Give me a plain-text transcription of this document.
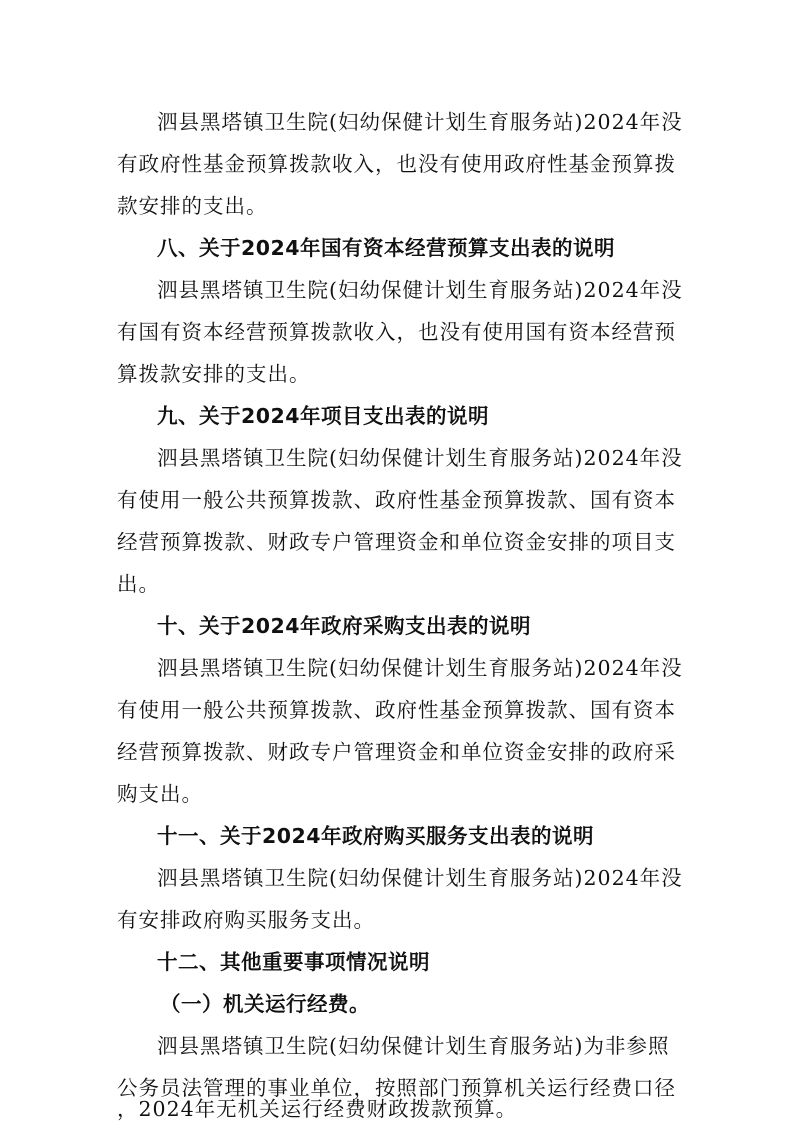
泗县黑塔镇卫生院(妇幼保健计划生育服务站)2024年没
有政府性基金预算拨款收入，也没有使用政府性基金预算拨
款安排的支出。
八、关于2024年国有资本经营预算支出表的说明
泗县黑塔镇卫生院(妇幼保健计划生育服务站)2024年没
有国有资本经营预算拨款收入，也没有使用国有资本经营预
算拨款安排的支出。
九、关于2024年项目支出表的说明
泗县黑塔镇卫生院(妇幼保健计划生育服务站)2024年没
有使用一般公共预算拨款、政府性基金预算拨款、国有资本
经营预算拨款、财政专户管理资金和单位资金安排的项目支
出。
十、关于2024年政府采购支出表的说明
泗县黑塔镇卫生院(妇幼保健计划生育服务站)2024年没
有使用一般公共预算拨款、政府性基金预算拨款、国有资本
经营预算拨款、财政专户管理资金和单位资金安排的政府采
购支出。
十一、关于2024年政府购买服务支出表的说明
泗县黑塔镇卫生院(妇幼保健计划生育服务站)2024年没
有安排政府购买服务支出。
十二、其他重要事项情况说明
（一）机关运行经费。
泗县黑塔镇卫生院(妇幼保健计划生育服务站)为非参照
公务员法管理的事业单位，按照部门预算机关运行经费口径
，2024年无机关运行经费财政拨款预算。
